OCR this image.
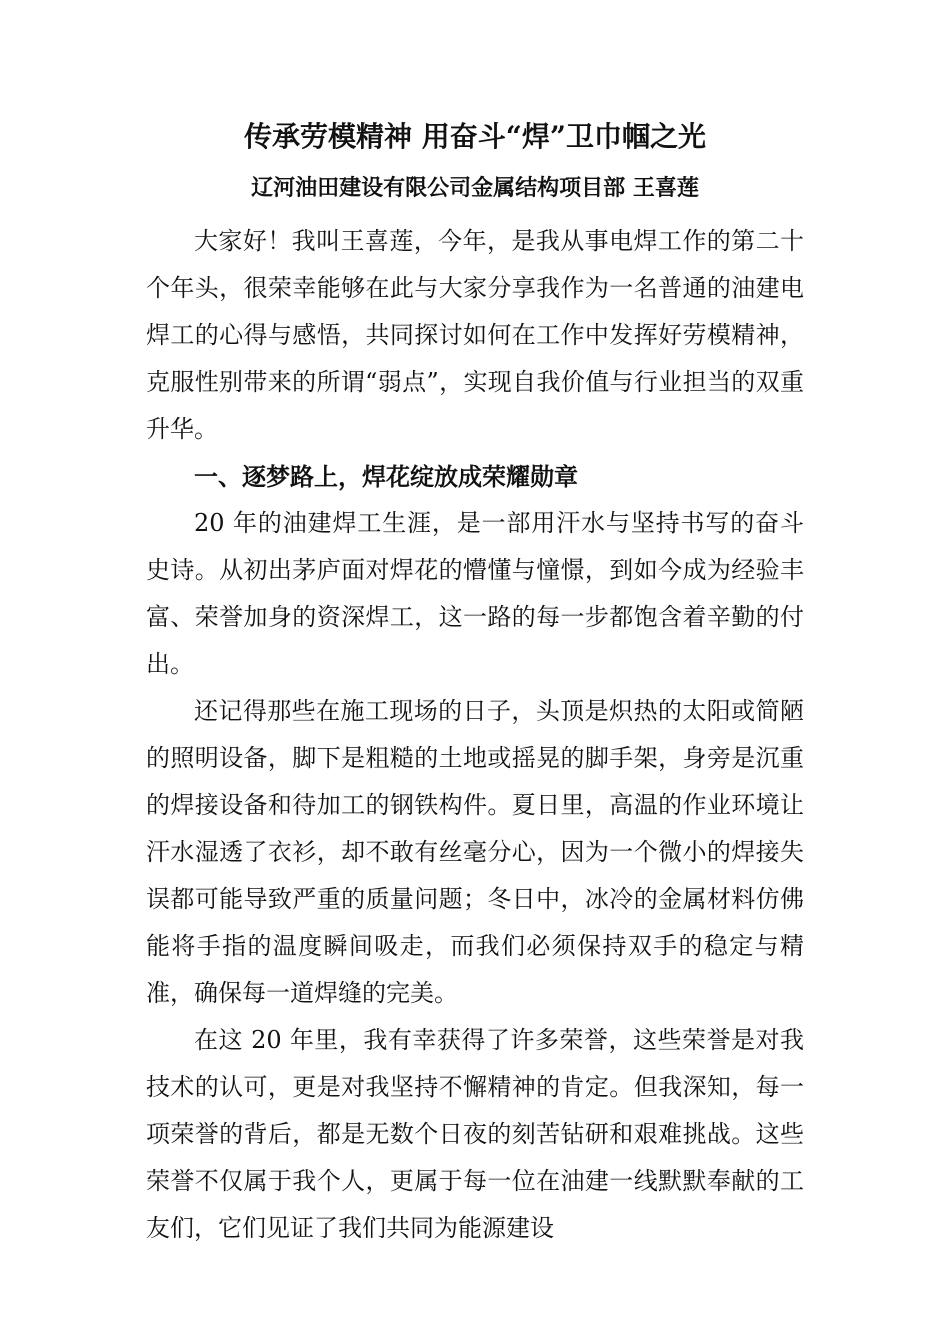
传承劳模精神 用奋斗“焊”卫巾帼之光
辽河油田建设有限公司金属结构项目部 王喜莲

大家好！我叫王喜莲，今年，是我从事电焊工作的第二十个年头，很荣幸能够在此与大家分享我作为一名普通的油建电焊工的心得与感悟，共同探讨如何在工作中发挥好劳模精神，克服性别带来的所谓“弱点”，实现自我价值与行业担当的双重升华。

一、逐梦路上，焊花绽放成荣耀勋章

20 年的油建焊工生涯，是一部用汗水与坚持书写的奋斗史诗。从初出茅庐面对焊花的懵懂与憧憬，到如今成为经验丰富、荣誉加身的资深焊工，这一路的每一步都饱含着辛勤的付出。

还记得那些在施工现场的日子，头顶是炽热的太阳或简陋的照明设备，脚下是粗糙的土地或摇晃的脚手架，身旁是沉重的焊接设备和待加工的钢铁构件。夏日里，高温的作业环境让汗水湿透了衣衫，却不敢有丝毫分心，因为一个微小的焊接失误都可能导致严重的质量问题；冬日中，冰冷的金属材料仿佛能将手指的温度瞬间吸走，而我们必须保持双手的稳定与精准，确保每一道焊缝的完美。

在这 20 年里，我有幸获得了许多荣誉，这些荣誉是对我技术的认可，更是对我坚持不懈精神的肯定。但我深知，每一项荣誉的背后，都是无数个日夜的刻苦钻研和艰难挑战。这些荣誉不仅属于我个人，更属于每一位在油建一线默默奉献的工友们，它们见证了我们共同为能源建设
